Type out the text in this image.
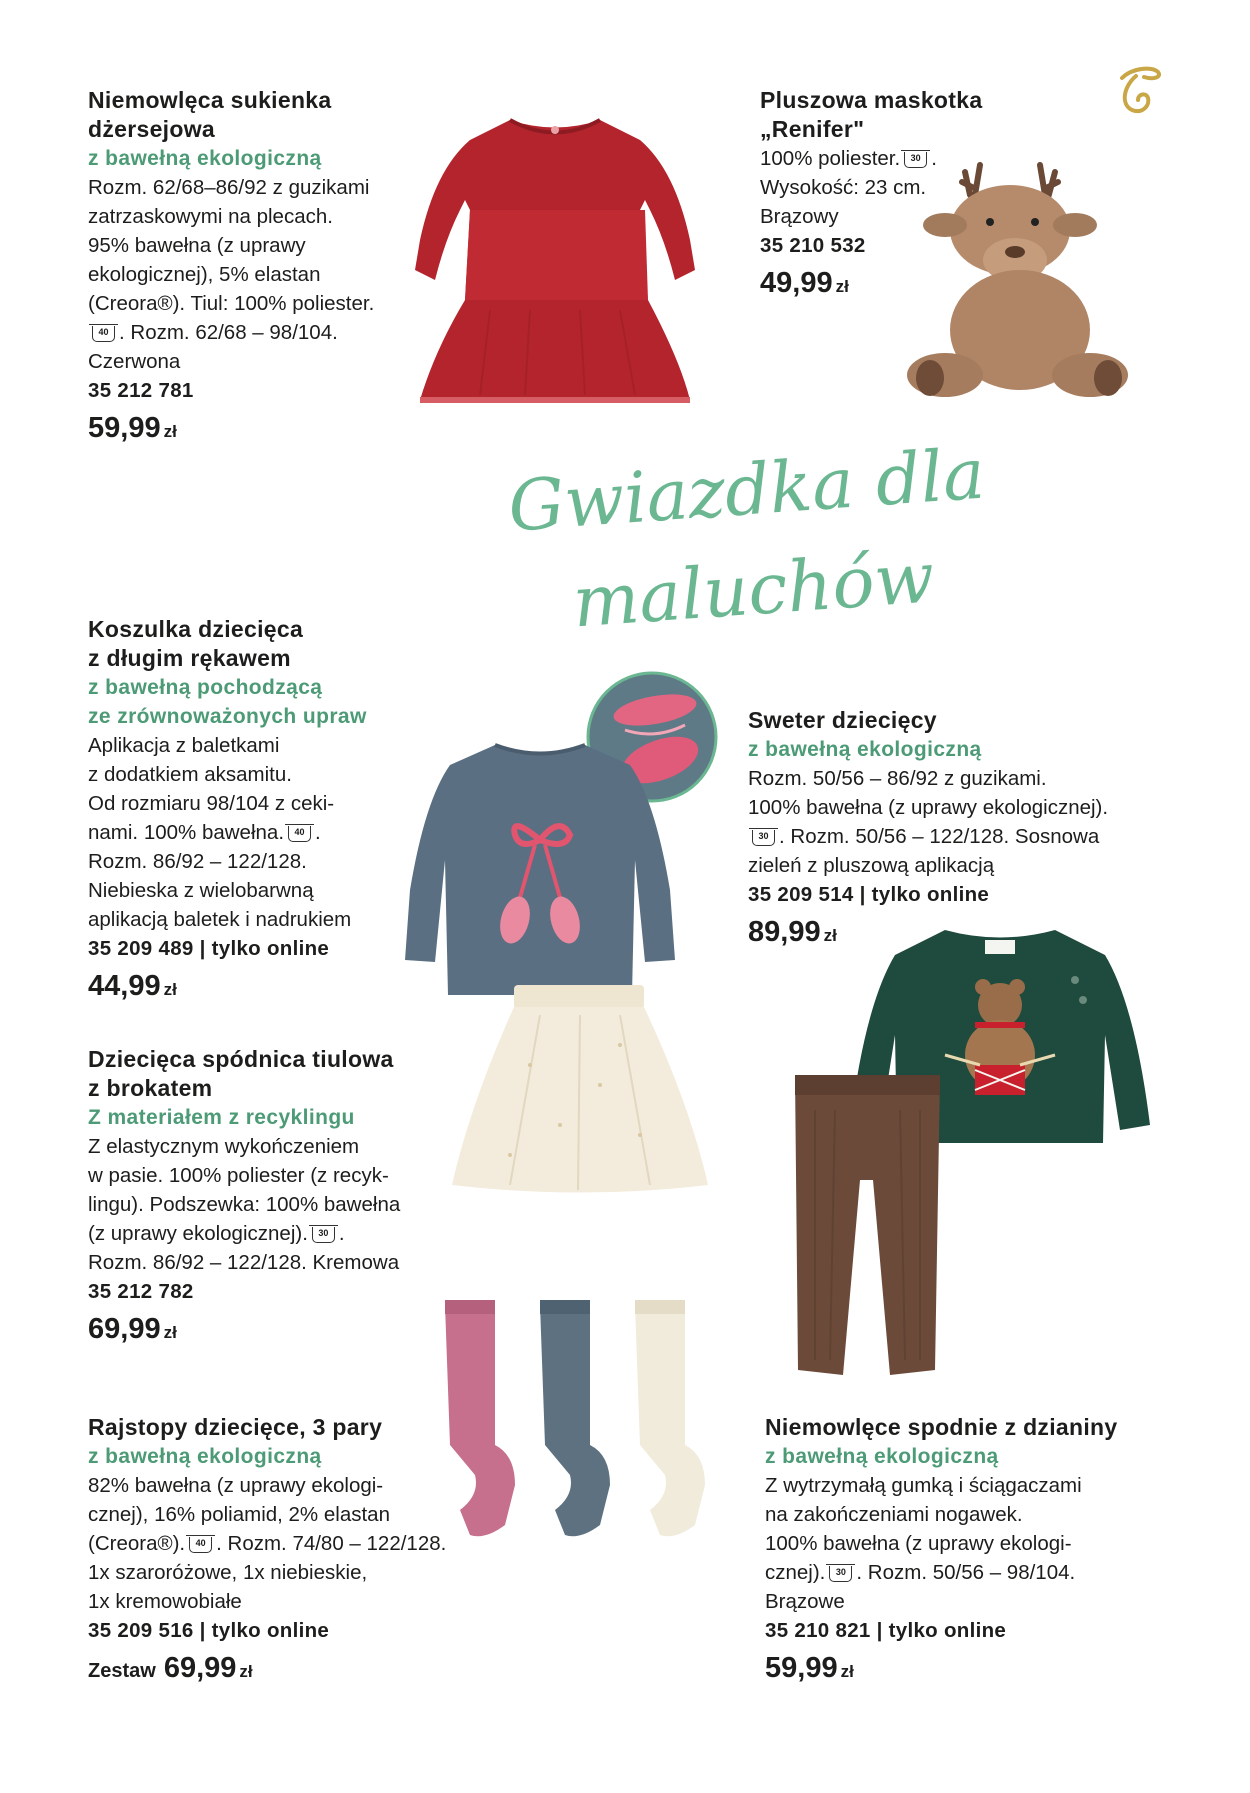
Gwiazdka dla
maluchów
Niemowlęca sukienka
dżersejowa
z bawełną ekologiczną
Rozm. 62/68–86/92 z guzikami
zatrzaskowymi na plecach.
95% bawełna (z uprawy
ekologicznej), 5% elastan
(Creora®). Tiul: 100% poliester.
40 . Rozm. 62/68 – 98/104.
Czerwona
35 212 781
59,99 zł
Pluszowa maskotka
„Renifer"
100% poliester. 30 .
Wysokość: 23 cm.
Brązowy
35 210 532
49,99 zł
Koszulka dziecięca
z długim rękawem
z bawełną pochodzącą
ze zrównoważonych upraw
Aplikacja z baletkami
z dodatkiem aksamitu.
Od rozmiaru 98/104 z ceki-
nami. 100% bawełna. 40 .
Rozm. 86/92 – 122/128.
Niebieska z wielobarwną
aplikacją baletek i nadrukiem
35 209 489 | tylko online
44,99 zł
Sweter dziecięcy
z bawełną ekologiczną
Rozm. 50/56 – 86/92 z guzikami.
100% bawełna (z uprawy ekologicznej).
30 . Rozm. 50/56 – 122/128. Sosnowa
zieleń z pluszową aplikacją
35 209 514 | tylko online
89,99 zł
Dziecięca spódnica tiulowa
z brokatem
Z materiałem z recyklingu
Z elastycznym wykończeniem
w pasie. 100% poliester (z recyk-
lingu). Podszewka: 100% bawełna
(z uprawy ekologicznej). 30 .
Rozm. 86/92 – 122/128. Kremowa
35 212 782
69,99 zł
Rajstopy dziecięce, 3 pary
z bawełną ekologiczną
82% bawełna (z uprawy ekologi-
cznej), 16% poliamid, 2% elastan
(Creora®). 40 . Rozm. 74/80 – 122/128.
1x szaroróżowe, 1x niebieskie,
1x kremowobiałe
35 209 516 | tylko online
Zestaw 69,99 zł
Niemowlęce spodnie z dzianiny
z bawełną ekologiczną
Z wytrzymałą gumką i ściągaczami
na zakończeniami nogawek.
100% bawełna (z uprawy ekologi-
cznej). 30 . Rozm. 50/56 – 98/104.
Brązowe
35 210 821 | tylko online
59,99 zł
